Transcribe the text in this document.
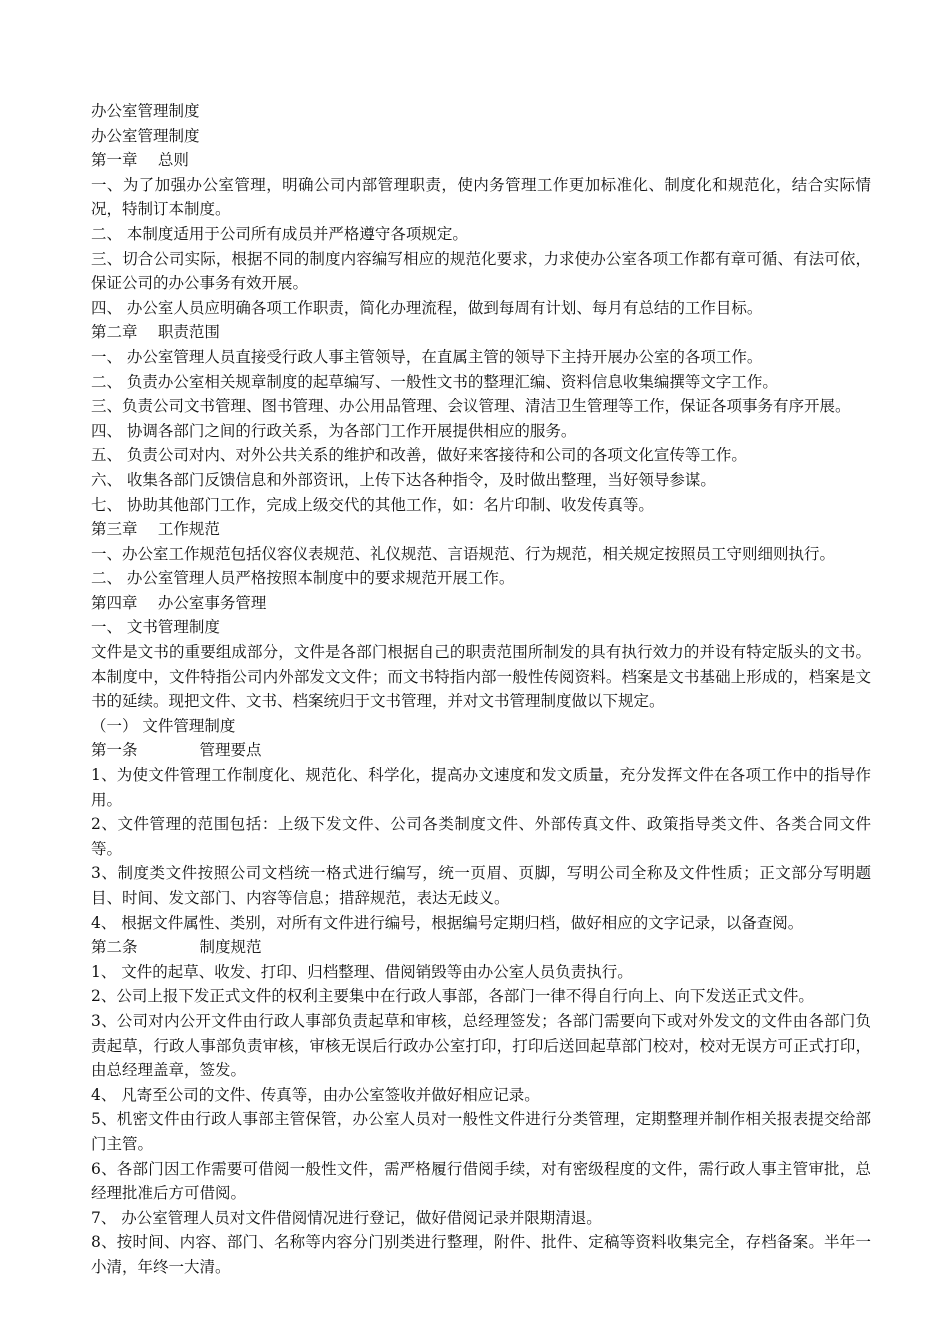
办公室管理制度

办公室管理制度

第一章　 总则

一、为了加强办公室管理，明确公司内部管理职责，使内务管理工作更加标准化、制度化和规范化，结合实际情况，特制订本制度。

二、 本制度适用于公司所有成员并严格遵守各项规定。

三、切合公司实际，根据不同的制度内容编写相应的规范化要求，力求使办公室各项工作都有章可循、有法可依，保证公司的办公事务有效开展。

四、 办公室人员应明确各项工作职责，简化办理流程，做到每周有计划、每月有总结的工作目标。

第二章　 职责范围

一、 办公室管理人员直接受行政人事主管领导，在直属主管的领导下主持开展办公室的各项工作。

二、 负责办公室相关规章制度的起草编写、一般性文书的整理汇编、资料信息收集编撰等文字工作。

三、负责公司文书管理、图书管理、办公用品管理、会议管理、清洁卫生管理等工作，保证各项事务有序开展。

四、 协调各部门之间的行政关系，为各部门工作开展提供相应的服务。

五、 负责公司对内、对外公共关系的维护和改善，做好来客接待和公司的各项文化宣传等工作。

六、 收集各部门反馈信息和外部资讯，上传下达各种指令，及时做出整理，当好领导参谋。

七、 协助其他部门工作，完成上级交代的其他工作，如：名片印制、收发传真等。

第三章　 工作规范

一、办公室工作规范包括仪容仪表规范、礼仪规范、言语规范、行为规范，相关规定按照员工守则细则执行。

二、 办公室管理人员严格按照本制度中的要求规范开展工作。

第四章　 办公室事务管理

一、 文书管理制度

文件是文书的重要组成部分，文件是各部门根据自己的职责范围所制发的具有执行效力的并设有特定版头的文书。本制度中，文件特指公司内外部发文文件；而文书特指内部一般性传阅资料。档案是文书基础上形成的，档案是文书的延续。现把文件、文书、档案统归于文书管理，并对文书管理制度做以下规定。

（一） 文件管理制度

第一条　　　　管理要点

1、为使文件管理工作制度化、规范化、科学化，提高办文速度和发文质量，充分发挥文件在各项工作中的指导作用。

2、文件管理的范围包括：上级下发文件、公司各类制度文件、外部传真文件、政策指导类文件、各类合同文件等。

3、制度类文件按照公司文档统一格式进行编写，统一页眉、页脚，写明公司全称及文件性质；正文部分写明题目、时间、发文部门、内容等信息；措辞规范，表达无歧义。

4、 根据文件属性、类别，对所有文件进行编号，根据编号定期归档，做好相应的文字记录，以备查阅。

第二条　　　　制度规范

1、 文件的起草、收发、打印、归档整理、借阅销毁等由办公室人员负责执行。

2、公司上报下发正式文件的权利主要集中在行政人事部，各部门一律不得自行向上、向下发送正式文件。

3、公司对内公开文件由行政人事部负责起草和审核，总经理签发；各部门需要向下或对外发文的文件由各部门负责起草，行政人事部负责审核，审核无误后行政办公室打印，打印后送回起草部门校对，校对无误方可正式打印，由总经理盖章，签发。

4、 凡寄至公司的文件、传真等，由办公室签收并做好相应记录。

5、机密文件由行政人事部主管保管，办公室人员对一般性文件进行分类管理，定期整理并制作相关报表提交给部门主管。

6、各部门因工作需要可借阅一般性文件，需严格履行借阅手续，对有密级程度的文件，需行政人事主管审批，总经理批准后方可借阅。

7、 办公室管理人员对文件借阅情况进行登记，做好借阅记录并限期清退。

8、按时间、内容、部门、名称等内容分门别类进行整理，附件、批件、定稿等资料收集完全，存档备案。半年一小清，年终一大清。
